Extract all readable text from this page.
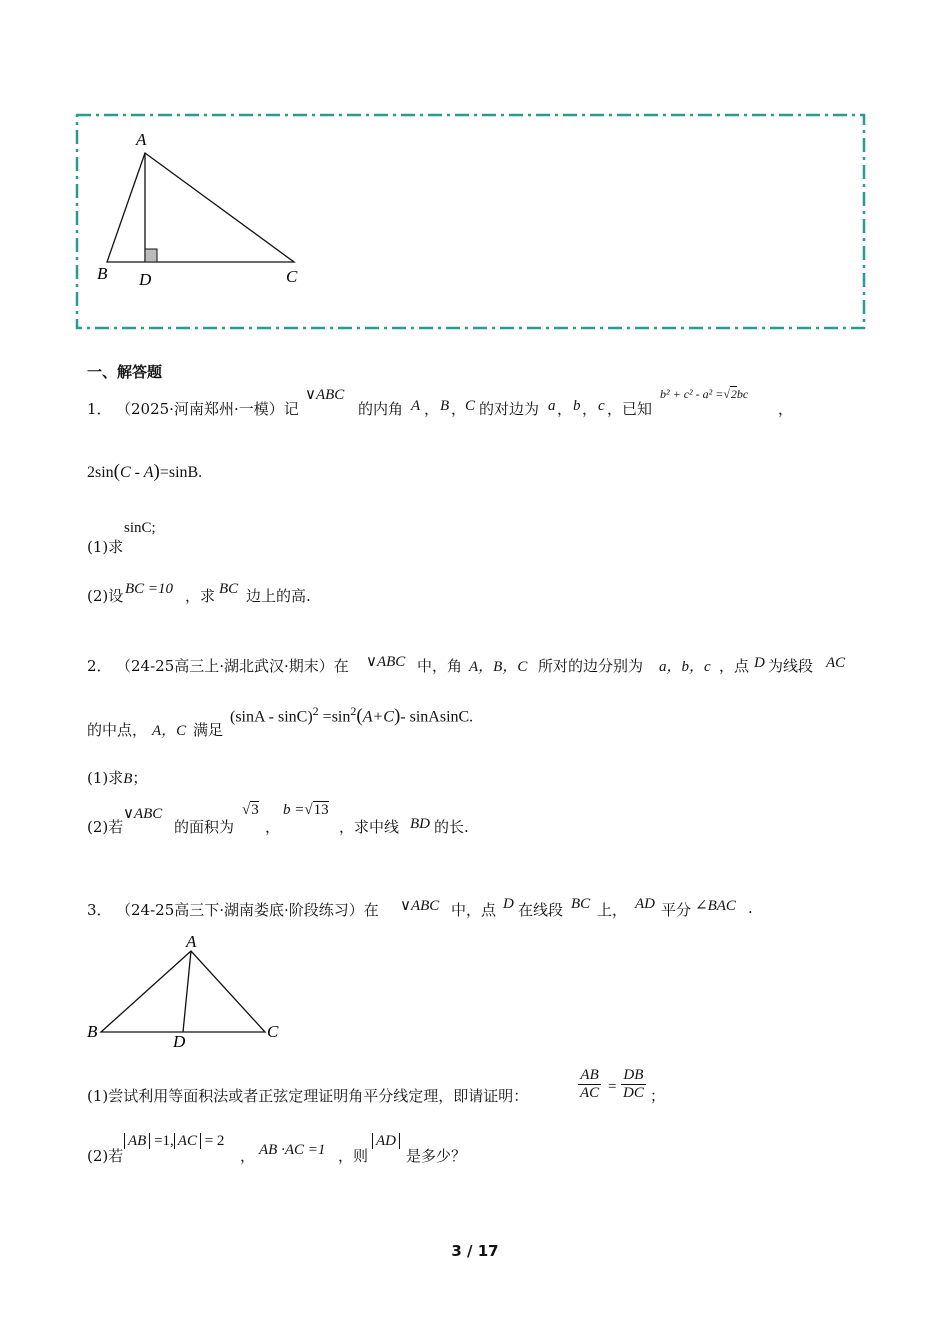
A
B D	C
一、解答题
1． （2025·河南郑州·一模）记
∨ABC
的内角 A ， B ，
C 的对边为 a ， b ， c ，已知
b² + c² - a² =√2bc
，
2sin(C - A)=sinB.
sinC;
(1)求
(2)设 BC =10 ，求 BC 边上的高.
2． （24-25高三上·湖北武汉·期末）在 ∨ABC 中，角 A，B，C 所对的边分别为 a，b，c ，点 D 为线段 AC
的中点， A，C 满足
$(\sin A - \sin C)^2 =\sin^2(A+C)-$ sinAsinC.
(1)求B；
(2)若
∨ABC
的面积为
√3
，
b =√13
，求中线 BD 的长.
3． （24-25高三下·湖南娄底·阶段练习）在 ∨ABC 中，点 D 在线段 BC 上， AD 平分 ∠BAC .
A
B	C
D
(1)尝试利用等面积法或者正弦定理证明角平分线定理，即请证明：	$\frac{AB}{AC} = \frac{DB}{DC}$ ；
(2)若
AB =1, AC = 2
， AB ·AC =1 ，则
AD
是多少？
3 / 17
